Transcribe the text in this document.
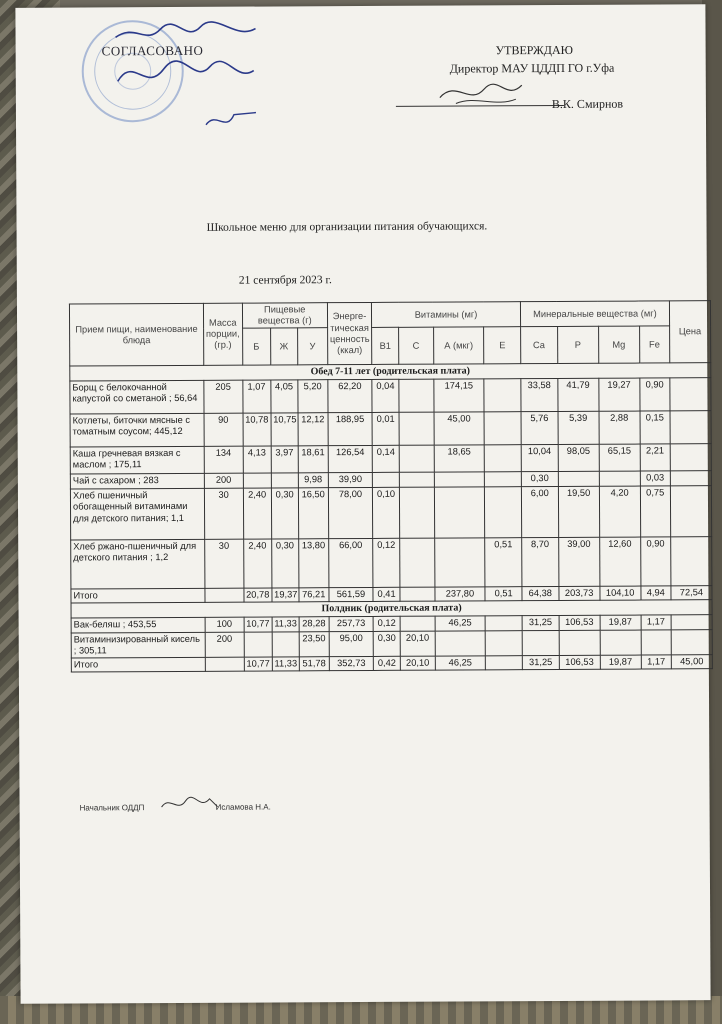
СОГЛАСОВАНО	УТВЕРЖДАЮ
Директор МАУ ЦДДП ГО г.Уфа
В.К. Смирнов
Школьное меню для организации питания обучающихся.
21 сентября 2023 г.
Прием пищи, наименование блюда	Масса порции, (гр.)	Пищевые вещества (г)			Энерге-тическая ценность (ккал)	Витамины (мг)				Минеральные вещества (мг)				Цена
		Б	Ж	У		B1	C	А (мкг)	E	Ca	P	Mg	Fe	
Обед 7-11 лет (родительская плата)														
Борщ с белокочанной капустой со сметаной ; 56,64	205	1,07	4,05	5,20	62,20	0,04		174,15		33,58	41,79	19,27	0,90	
Котлеты, биточки мясные с томатным соусом; 445,12	90	10,78	10,75	12,12	188,95	0,01		45,00		5,76	5,39	2,88	0,15	
Каша гречневая вязкая с маслом ; 175,11	134	4,13	3,97	18,61	126,54	0,14		18,65		10,04	98,05	65,15	2,21	
Чай с сахаром ; 283	200			9,98	39,90					0,30			0,03	
Хлеб пшеничный обогащенный витаминами для детского питания; 1,1	30	2,40	0,30	16,50	78,00	0,10				6,00	19,50	4,20	0,75	
Хлеб ржано-пшеничный для детского питания ; 1,2	30	2,40	0,30	13,80	66,00	0,12			0,51	8,70	39,00	12,60	0,90	
Итого		20,78	19,37	76,21	561,59	0,41		237,80	0,51	64,38	203,73	104,10	4,94	72,54
Полдник (родительская плата)														
Вак-беляш ; 453,55	100	10,77	11,33	28,28	257,73	0,12		46,25		31,25	106,53	19,87	1,17	
Витаминизированный кисель ; 305,11	200			23,50	95,00	0,30	20,10							
Итого		10,77	11,33	51,78	352,73	0,42	20,10	46,25		31,25	106,53	19,87	1,17	45,00
Начальник ОДДП	Исламова Н.А.
